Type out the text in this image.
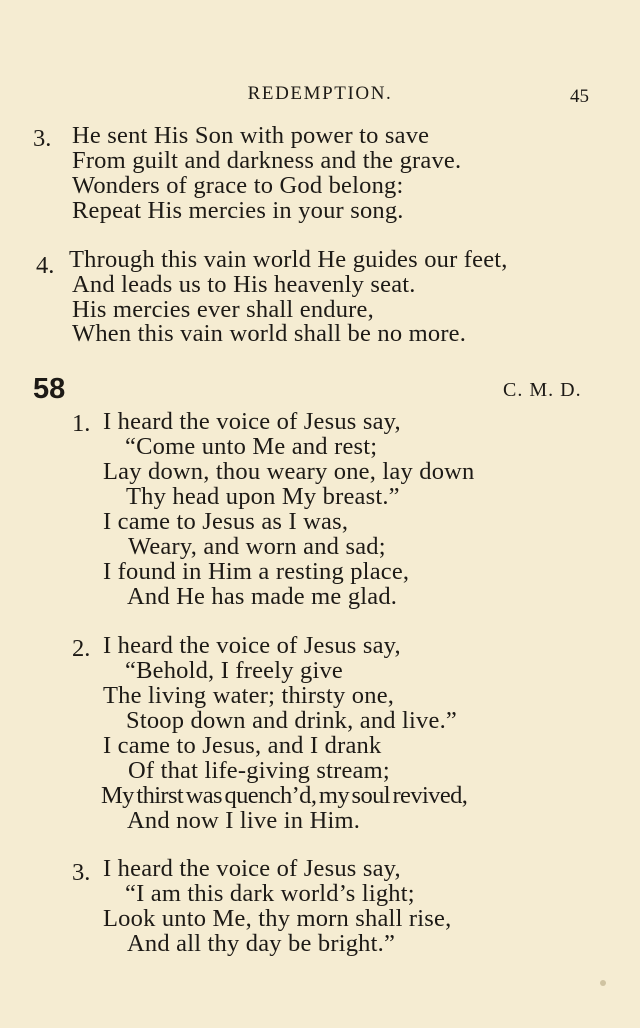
REDEMPTION.	45
3. He sent His Son with power to save
From guilt and darkness and the grave.
Wonders of grace to God belong:
Repeat His mercies in your song.
4. Through this vain world He guides our feet,
And leads us to His heavenly seat.
His mercies ever shall endure,
When this vain world shall be no more.
58	C. M. D.
1. I heard the voice of Jesus say,
“Come unto Me and rest;
Lay down, thou weary one, lay down
Thy head upon My breast.”
I came to Jesus as I was,
Weary, and worn and sad;
I found in Him a resting place,
And He has made me glad.
2. I heard the voice of Jesus say,
“Behold, I freely give
The living water; thirsty one,
Stoop down and drink, and live.”
I came to Jesus, and I drank
Of that life-giving stream;
My thirst was quench’d, my soul revived,
And now I live in Him.
3. I heard the voice of Jesus say,
“I am this dark world’s light;
Look unto Me, thy morn shall rise,
And all thy day be bright.”
